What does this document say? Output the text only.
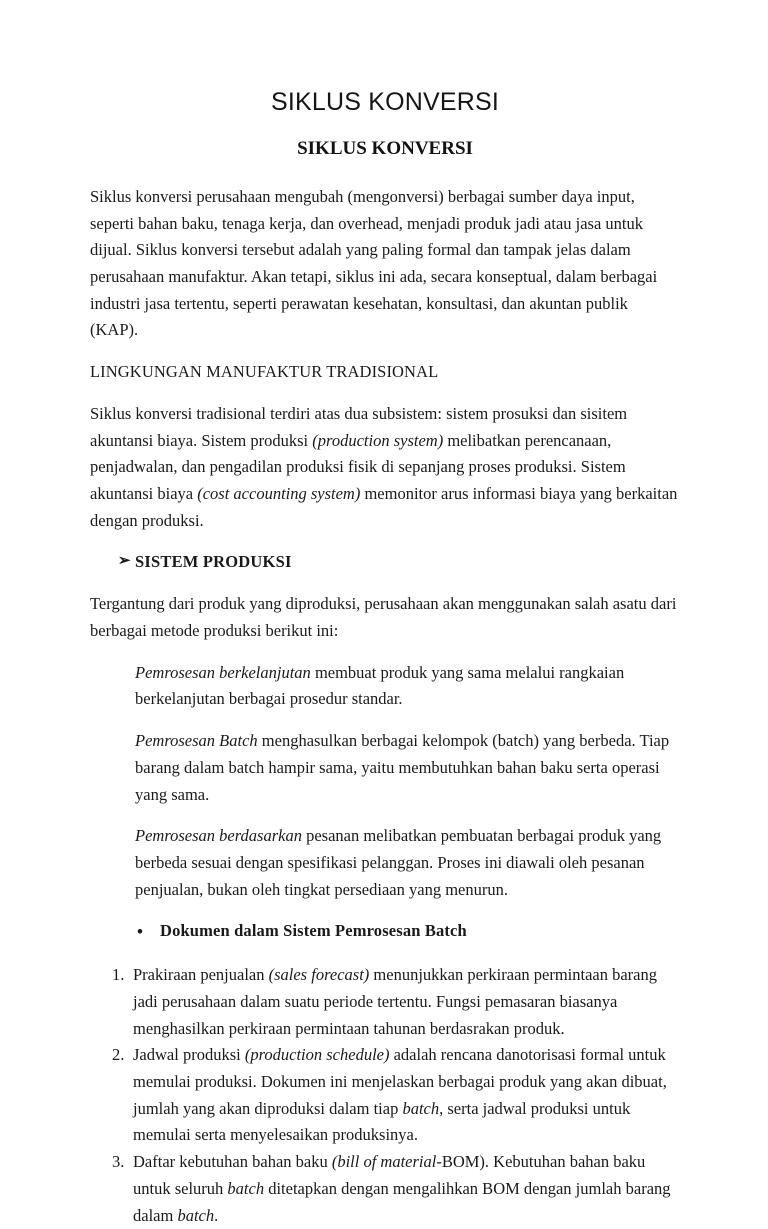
SIKLUS KONVERSI
SIKLUS KONVERSI

Siklus konversi perusahaan mengubah (mengonversi) berbagai sumber daya input, seperti bahan baku, tenaga kerja, dan overhead, menjadi produk jadi atau jasa untuk dijual. Siklus konversi tersebut adalah yang paling formal dan tampak jelas dalam perusahaan manufaktur. Akan tetapi, siklus ini ada, secara konseptual, dalam berbagai industri jasa tertentu, seperti perawatan kesehatan, konsultasi, dan akuntan publik (KAP).

LINGKUNGAN MANUFAKTUR TRADISIONAL

Siklus konversi tradisional terdiri atas dua subsistem: sistem prosuksi dan sisitem akuntansi biaya. Sistem produksi (production system) melibatkan perencanaan, penjadwalan, dan pengadilan produksi fisik di sepanjang proses produksi. Sistem akuntansi biaya (cost accounting system) memonitor arus informasi biaya yang berkaitan dengan produksi.

➢ SISTEM PRODUKSI

Tergantung dari produk yang diproduksi, perusahaan akan menggunakan salah asatu dari berbagai metode produksi berikut ini:

Pemrosesan berkelanjutan membuat produk yang sama melalui rangkaian berkelanjutan berbagai prosedur standar.

Pemrosesan Batch menghasulkan berbagai kelompok (batch) yang berbeda. Tiap barang dalam batch hampir sama, yaitu membutuhkan bahan baku serta operasi yang sama.

Pemrosesan berdasarkan pesanan melibatkan pembuatan berbagai produk yang berbeda sesuai dengan spesifikasi pelanggan. Proses ini diawali oleh pesanan penjualan, bukan oleh tingkat persediaan yang menurun.

• Dokumen dalam Sistem Pemrosesan Batch

1. Prakiraan penjualan (sales forecast) menunjukkan perkiraan permintaan barang jadi perusahaan dalam suatu periode tertentu. Fungsi pemasaran biasanya menghasilkan perkiraan permintaan tahunan berdasrakan produk.
2. Jadwal produksi (production schedule) adalah rencana danotorisasi formal untuk memulai produksi. Dokumen ini menjelaskan berbagai produk yang akan dibuat, jumlah yang akan diproduksi dalam tiap batch, serta jadwal produksi untuk memulai serta menyelesaikan produksinya.
3. Daftar kebutuhan bahan baku (bill of material-BOM). Kebutuhan bahan baku untuk seluruh batch ditetapkan dengan mengalihkan BOM dengan jumlah barang dalam batch.
